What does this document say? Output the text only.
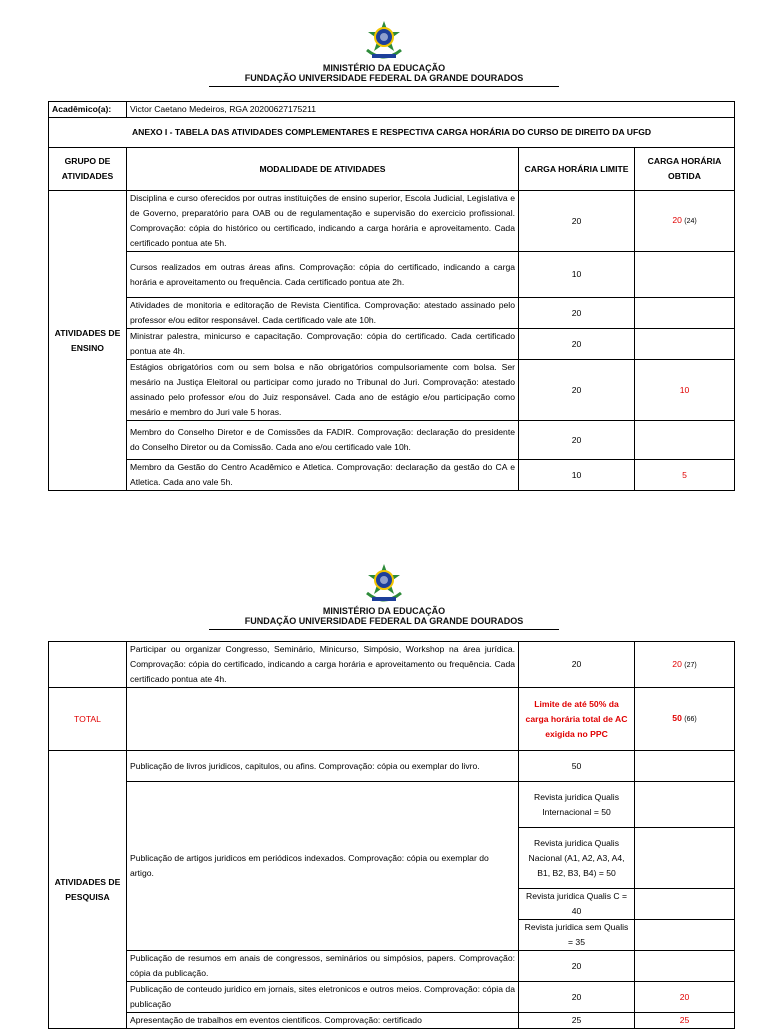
MINISTÉRIO DA EDUCAÇÃO
FUNDAÇÃO UNIVERSIDADE FEDERAL DA GRANDE DOURADOS
Acadêmico(a):	Victor Caetano Medeiros, RGA 20200627175211		
ANEXO I - TABELA DAS ATIVIDADES COMPLEMENTARES E RESPECTIVA CARGA HORÁRIA DO CURSO DE DIREITO DA UFGD			
GRUPO DE ATIVIDADES	MODALIDADE DE ATIVIDADES	CARGA HORÁRIA LIMITE	CARGA HORÁRIA OBTIDA
ATIVIDADES DE ENSINO	Disciplina e curso oferecidos por outras instituições de ensino superior, Escola Judicial, Legislativa e de Governo, preparatório para OAB ou de regulamentação e supervisão do exercicio profissional. Comprovação: cópia do histórico ou certificado, indicando a carga horária e aproveitamento. Cada certificado pontua ate 5h.	20	20 (24)
	Cursos realizados em outras áreas afins. Comprovação: cópia do certificado, indicando a carga horária e aproveitamento ou frequência. Cada certificado pontua ate 2h.	10	
	Atividades de monitoria e editoração de Revista Cientifica. Comprovação: atestado assinado pelo professor e/ou editor responsável. Cada certificado vale ate 10h.	20	
	Ministrar palestra, minicurso e capacitação. Comprovação: cópia do certificado. Cada certificado pontua ate 4h.	20	
	Estágios obrigatórios com ou sem bolsa e não obrigatórios compulsoriamente com bolsa. Ser mesário na Justiça Eleitoral ou participar como jurado no Tribunal do Juri. Comprovação: atestado assinado pelo professor e/ou do Juiz responsável. Cada ano de estágio e/ou participação como mesário e membro do Juri vale 5 horas.	20	10
	Membro do Conselho Diretor e de Comissões da FADIR. Comprovação: declaração do presidente do Conselho Diretor ou da Comissão. Cada ano e/ou certificado vale 10h.	20	
	Membro da Gestão do Centro Acadêmico e Atletica. Comprovação: declaração da gestão do CA e Atletica. Cada ano vale 5h.	10	5
MINISTÉRIO DA EDUCAÇÃO
FUNDAÇÃO UNIVERSIDADE FEDERAL DA GRANDE DOURADOS
	Participar ou organizar Congresso, Seminário, Minicurso, Simpósio, Workshop na área jurídica. Comprovação: cópia do certificado, indicando a carga horária e aproveitamento ou frequência. Cada certificado pontua ate 4h.	20	20 (27)
TOTAL		Limite de até 50% da carga horária total de AC exigida no PPC	50 (66)
ATIVIDADES DE PESQUISA	Publicação de livros juridicos, capitulos, ou afins. Comprovação: cópia ou exemplar do livro.	50	
	Publicação de artigos juridicos em periódicos indexados. Comprovação: cópia ou exemplar do artigo.	Revista juridica Qualis Internacional = 50	
		Revista juridica Qualis Nacional (A1, A2, A3, A4, B1, B2, B3, B4) = 50	
		Revista juridica Qualis C = 40	
		Revista juridica sem Qualis = 35	
	Publicação de resumos em anais de congressos, seminários ou simpósios, papers. Comprovação: cópia da publicação.	20	
	Publicação de conteudo juridico em jornais, sites eletronicos e outros meios. Comprovação: cópia da publicação	20	20
	Apresentação de trabalhos em eventos cientificos. Comprovação: certificado	25	25
